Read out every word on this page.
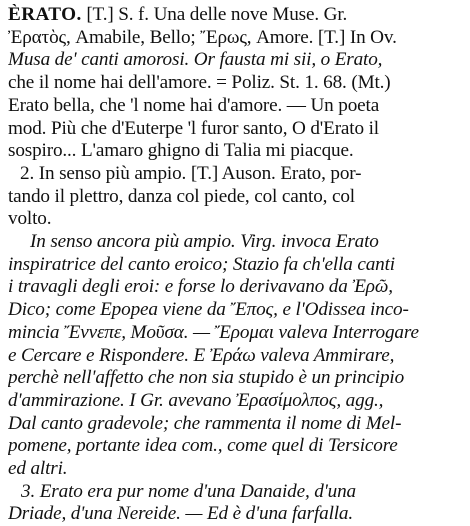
ÈRATO. [T.] S. f. Una delle nove Muse. Gr.
Ἐρατὸς, Amabile, Bello; Ἔρως, Amore. [T.] In Ov.
Musa de' canti amorosi. Or fausta mi sii, o Erato,
che il nome hai dell'amore. = Poliz. St. 1. 68. (Mt.)
Erato bella, che 'l nome hai d'amore. — Un poeta
mod. Più che d'Euterpe 'l furor santo, O d'Erato il
sospiro... L'amaro ghigno di Talia mi piacque.
2. In senso più ampio. [T.] Auson. Erato, por-
tando il plettro, danza col piede, col canto, col
volto.
In senso ancora più ampio. Virg. invoca Erato
inspiratrice del canto eroico; Stazio fa ch'ella canti
i travagli degli eroi: e forse lo derivavano da Ἐρῶ,
Dico; come Epopea viene da Ἔπος, e l'Odissea inco-
mincia Ἔννεπε, Μοῦσα. — Ἔρομαι valeva Interrogare
e Cercare e Rispondere. E Ἐράω valeva Ammirare,
perchè nell'affetto che non sia stupido è un principio
d'ammirazione. I Gr. avevano Ἐρασίμολπος, agg.,
Dal canto gradevole; che rammenta il nome di Mel-
pomene, portante idea com., come quel di Tersicore
ed altri.
3. Erato era pur nome d'una Danaide, d'una
Driade, d'una Nereide. — Ed è d'una farfalla.
